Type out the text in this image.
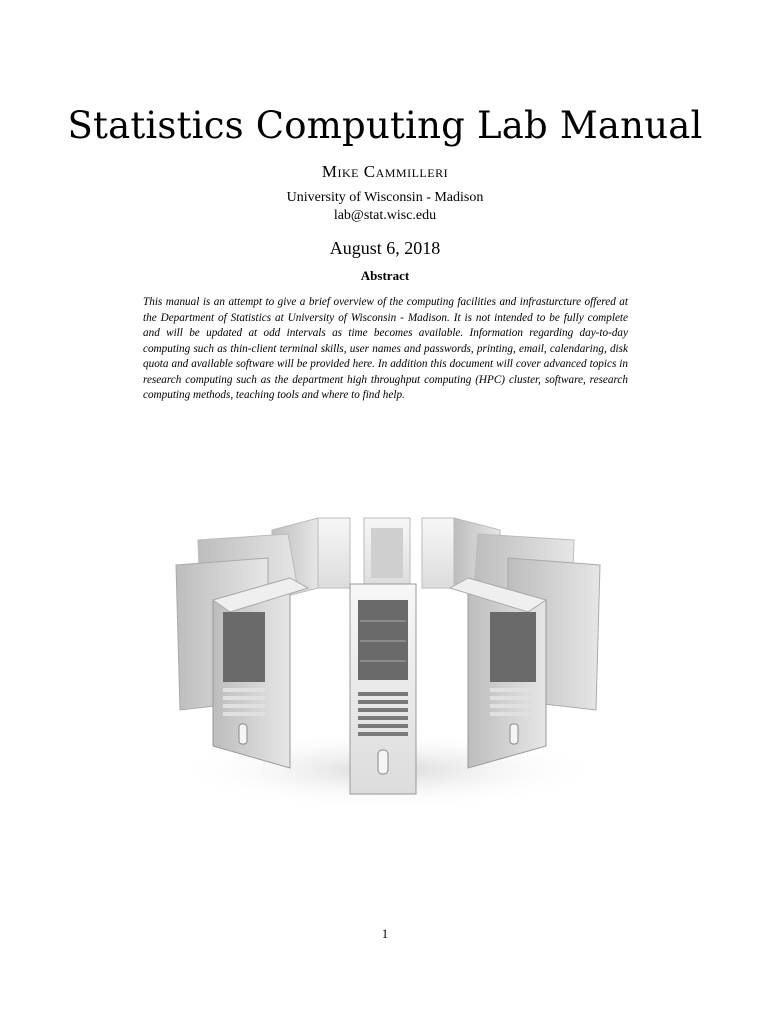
Statistics Computing Lab Manual
Mike Cammilleri
University of Wisconsin - Madison
lab@stat.wisc.edu
August 6, 2018
Abstract
This manual is an attempt to give a brief overview of the computing facilities and infrasturcture offered at the Department of Statistics at University of Wisconsin - Madison. It is not intended to be fully complete and will be updated at odd intervals as time becomes available. Information regarding day-to-day computing such as thin-client terminal skills, user names and passwords, printing, email, calendaring, disk quota and available software will be provided here. In addition this document will cover advanced topics in research computing such as the department high throughput computing (HPC) cluster, software, research computing methods, teaching tools and where to find help.
1
